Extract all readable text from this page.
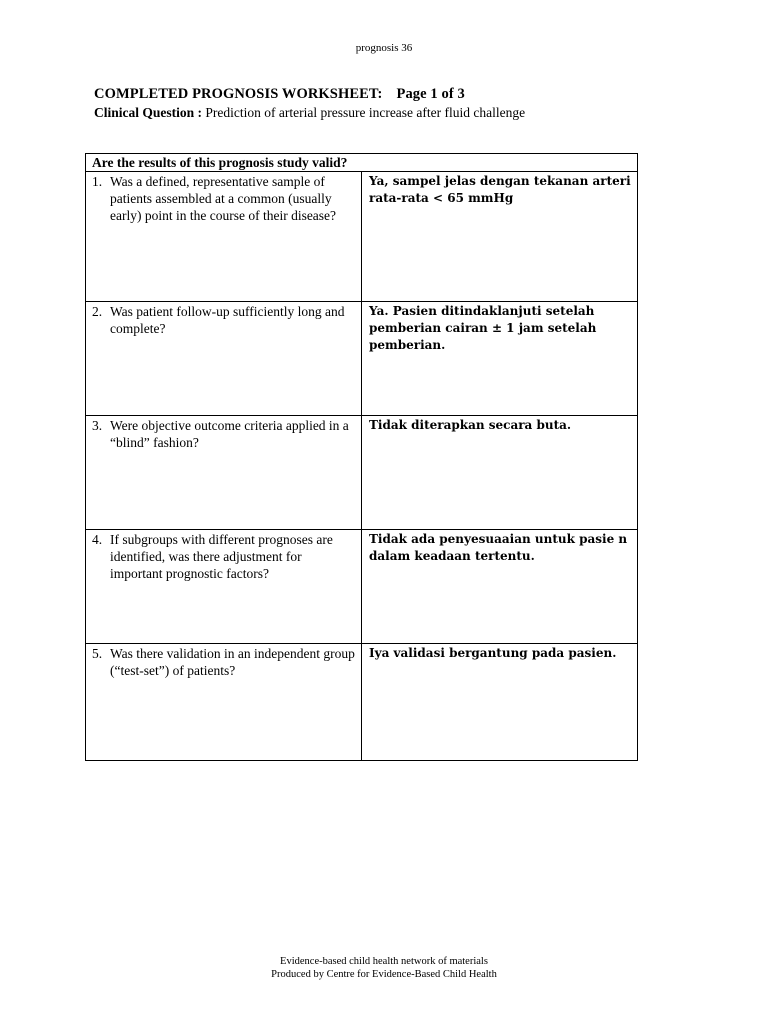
prognosis 36
COMPLETED PROGNOSIS WORKSHEET: Page 1 of 3
Clinical Question : Prediction of arterial pressure increase after fluid challenge
Are the results of this prognosis study valid?	

1. Was a defined, representative sample of patients assembled at a common (usually early) point in the course of their disease?	Ya, sampel jelas dengan tekanan arteri rata-rata < 65 mmHg

2. Was patient follow-up sufficiently long and complete?	Ya. Pasien ditindaklanjuti setelah pemberian cairan ± 1 jam setelah pemberian.

3. Were objective outcome criteria applied in a “blind” fashion?	Tidak diterapkan secara buta.

4. If subgroups with different prognoses are identified, was there adjustment for important prognostic factors?	Tidak ada penyesuaaian untuk pasie n dalam keadaan tertentu.

5. Was there validation in an independent group (“test-set”) of patients?	Iya validasi bergantung pada pasien.
Evidence-based child health network of materials
Produced by Centre for Evidence-Based Child Health
